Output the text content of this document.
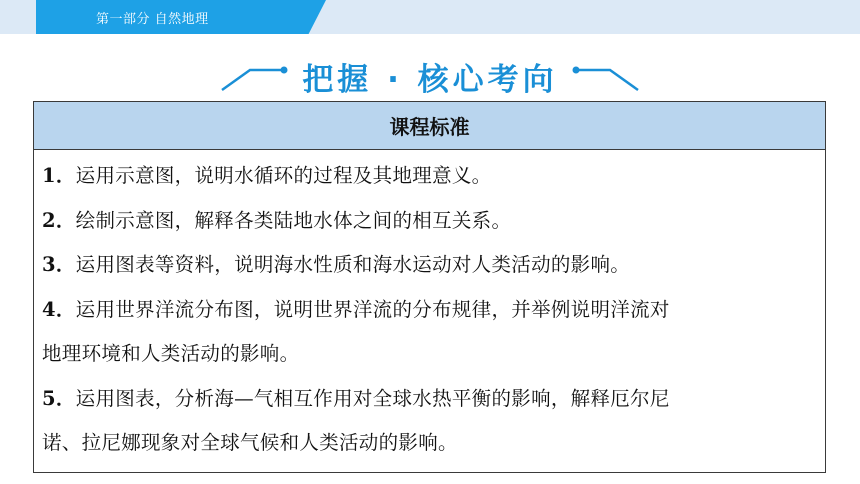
第一部分 自然地理
把握 · 核心考向
课程标准
1．运用示意图，说明水循环的过程及其地理意义。
2．绘制示意图，解释各类陆地水体之间的相互关系。
3．运用图表等资料，说明海水性质和海水运动对人类活动的影响。
4．运用世界洋流分布图，说明世界洋流的分布规律，并举例说明洋流对
地理环境和人类活动的影响。
5．运用图表，分析海—气相互作用对全球水热平衡的影响，解释厄尔尼
诺、拉尼娜现象对全球气候和人类活动的影响。
